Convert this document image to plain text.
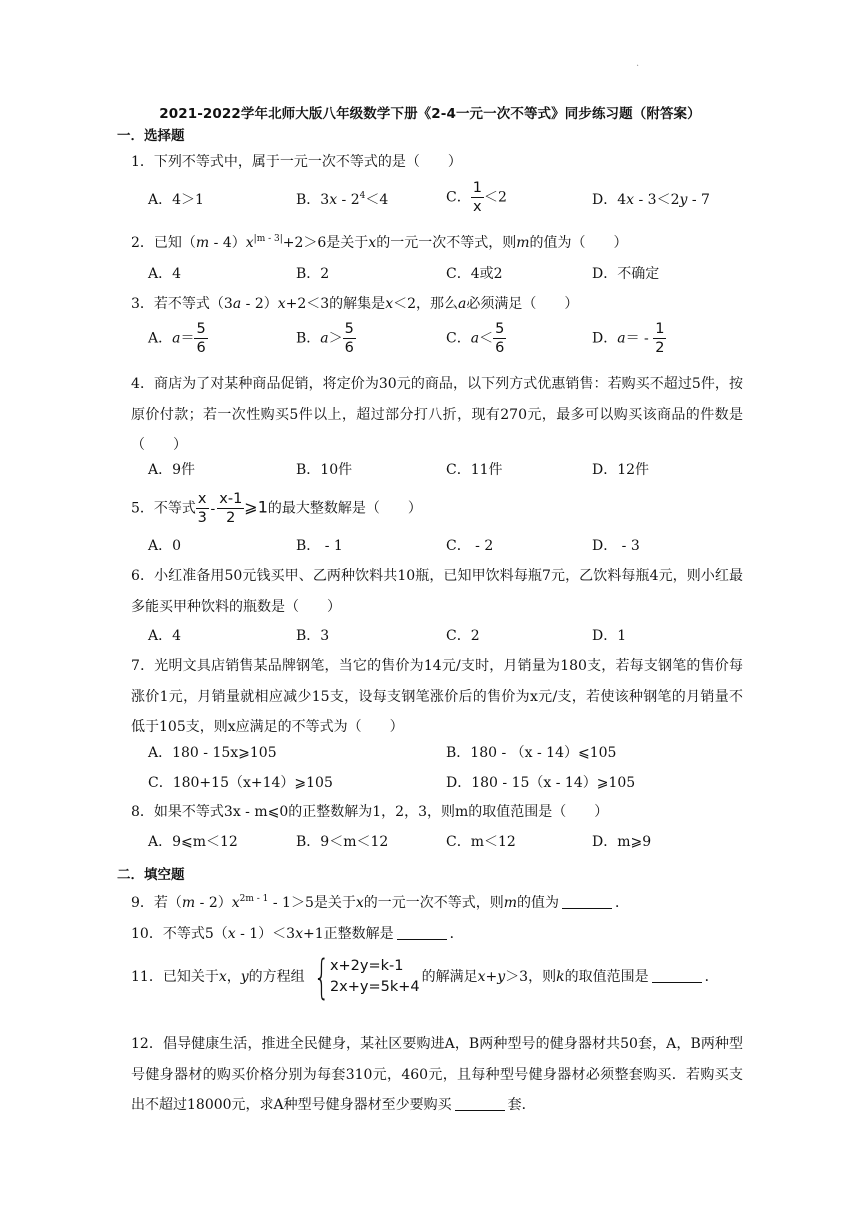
.
2021-2022学年北师大版八年级数学下册《2-4一元一次不等式》同步练习题（附答案）
一．选择题
1．下列不等式中，属于一元一次不等式的是（　　）
A．4＞1	B．$3x - 2^4<4$	C． $\frac{1}{x} <2$	D．4x - 3＜2y - 7
2．已知$(m - 4)x^{|m - 3|}+2>6$是关于x的一元一次不等式，则m的值为（　　）
A．4	B．2	C．4或2	D．不确定
3．若不等式（3a - 2）x+2＜3的解集是x＜2，那么a必须满足（　　）
A．$a= \frac{5}{6}$	B．$a> \frac{5}{6}$	C．$a< \frac{5}{6}$	D．$a= - \frac{1}{2}$
4．商店为了对某种商品促销，将定价为30元的商品，以下列方式优惠销售：若购买不超过5件，按原价付款；若一次性购买5件以上，超过部分打八折，现有270元，最多可以购买该商品的件数是（　　）
A．9件	B．10件	C．11件	D．12件
5．不等式 $\frac{x}{3} - \frac{x-1}{2}$ ⩾1的最大整数解是（　　）
A．0	B． - 1	C． - 2	D． - 3
6．小红准备用50元钱买甲、乙两种饮料共10瓶，已知甲饮料每瓶7元，乙饮料每瓶4元，则小红最多能买甲种饮料的瓶数是（　　）
A．4	B．3	C．2	D．1
7．光明文具店销售某品牌钢笔，当它的售价为14元/支时，月销量为180支，若每支钢笔的售价每涨价1元，月销量就相应减少15支，设每支钢笔涨价后的售价为x元/支，若使该种钢笔的月销量不低于105支，则x应满足的不等式为（　　）
A．180 - 15x⩾105	B．180 - （x - 14）⩽105
C．180+15（x+14）⩾105	D．180 - 15（x - 14）⩾105
8．如果不等式3x - m⩽0的正整数解为1，2，3，则m的取值范围是（　　）
A．9⩽m＜12	B．9＜m＜12	C．m＜12	D．m⩾9
二．填空题
9．若$(m - 2)x^{2m - 1} - 1>5$是关于x的一元一次不等式，则m的值为	．
10．不等式5（x - 1）＜3x+1正整数解是	．
11．已知关于x，y的方程组 { x+2y=k-1
2x+y=5k+4
的解满足x+y＞3，则k的取值范围是	．
12．倡导健康生活，推进全民健身，某社区要购进A，B两种型号的健身器材共50套，A，B两种型号健身器材的购买价格分别为每套310元，460元，且每种型号健身器材必须整套购买．若购买支出不超过18000元，求A种型号健身器材至少要购买	套．
